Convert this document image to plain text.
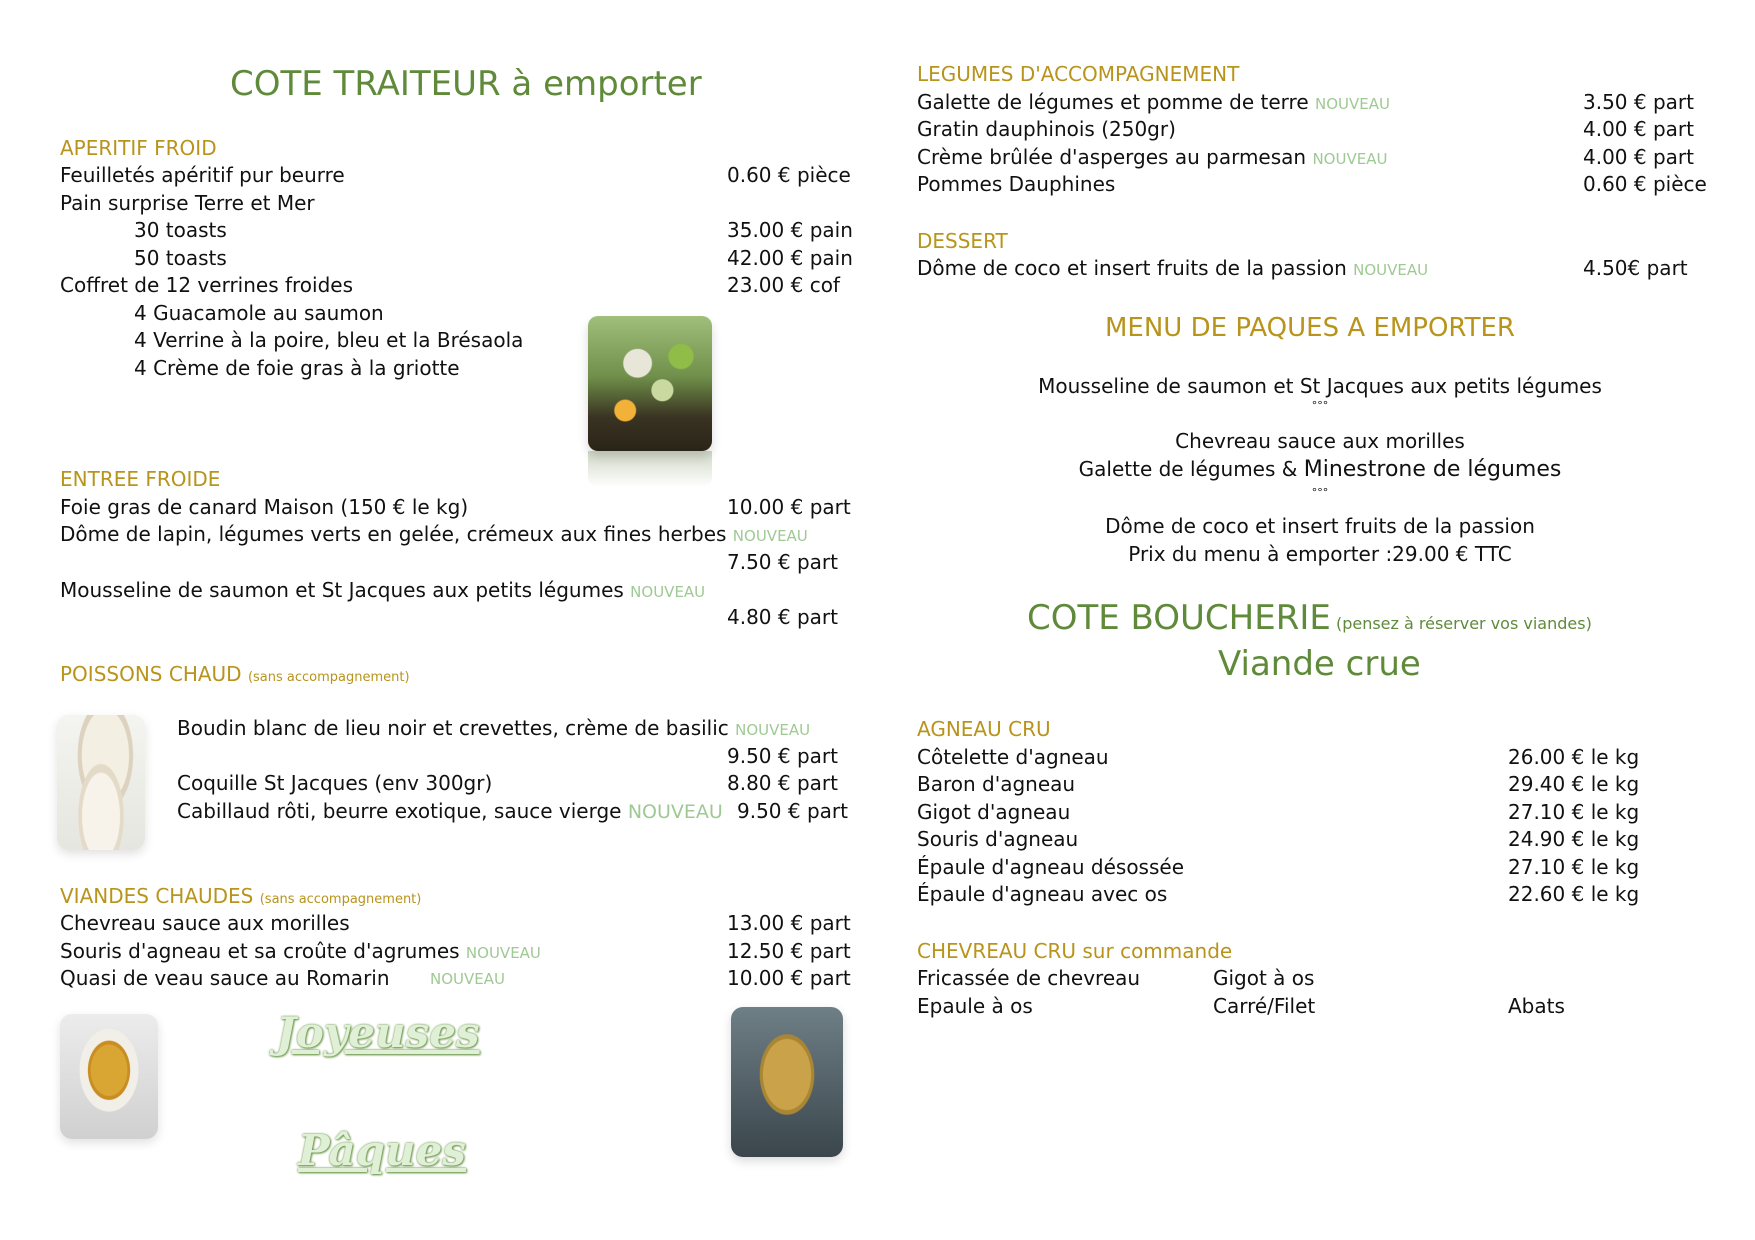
COTE TRAITEUR à emporter
APERITIF FROID
Feuilletés apéritif pur beurre	0.60 € pièce
Pain surprise Terre et Mer
30 toasts	35.00 € pain
50 toasts	42.00 € pain
Coffret de 12 verrines froides	23.00 € cof
4 Guacamole au saumon
4 Verrine à la poire, bleu et la Brésaola
4 Crème de foie gras à la griotte
ENTREE FROIDE
Foie gras de canard Maison (150 € le kg)	10.00 € part
Dôme de lapin, légumes verts en gelée, crémeux aux fines herbes NOUVEAU
7.50 € part
Mousseline de saumon et St Jacques aux petits légumes NOUVEAU
4.80 € part
POISSONS CHAUD (sans accompagnement)
Boudin blanc de lieu noir et crevettes, crème de basilic NOUVEAU
9.50 € part
Coquille St Jacques (env 300gr)	8.80 € part
Cabillaud rôti, beurre exotique, sauce vierge NOUVEAU 9.50 € part
VIANDES CHAUDES (sans accompagnement)
Chevreau sauce aux morilles	13.00 € part
Souris d'agneau et sa croûte d'agrumes NOUVEAU	12.50 € part
Quasi de veau sauce au Romarin	NOUVEAU	10.00 € part
Joyeuses
Pâques
LEGUMES D'ACCOMPAGNEMENT
Galette de légumes et pomme de terre NOUVEAU	3.50 € part
Gratin dauphinois (250gr)	4.00 € part
Crème brûlée d'asperges au parmesan NOUVEAU	4.00 € part
Pommes Dauphines	0.60 € pièce
DESSERT
Dôme de coco et insert fruits de la passion NOUVEAU	4.50€ part
MENU DE PAQUES A EMPORTER
Mousseline de saumon et St Jacques aux petits légumes
°°°
Chevreau sauce aux morilles
Galette de légumes & Minestrone de légumes
°°°
Dôme de coco et insert fruits de la passion
Prix du menu à emporter :29.00 € TTC
COTE BOUCHERIE (pensez à réserver vos viandes)
Viande crue
AGNEAU CRU
Côtelette d'agneau	26.00 € le kg
Baron d'agneau	29.40 € le kg
Gigot d'agneau	27.10 € le kg
Souris d'agneau	24.90 € le kg
Épaule d'agneau désossée	27.10 € le kg
Épaule d'agneau avec os	22.60 € le kg
CHEVREAU CRU sur commande
Fricassée de chevreau	Gigot à os
Epaule à os	Carré/Filet	Abats
